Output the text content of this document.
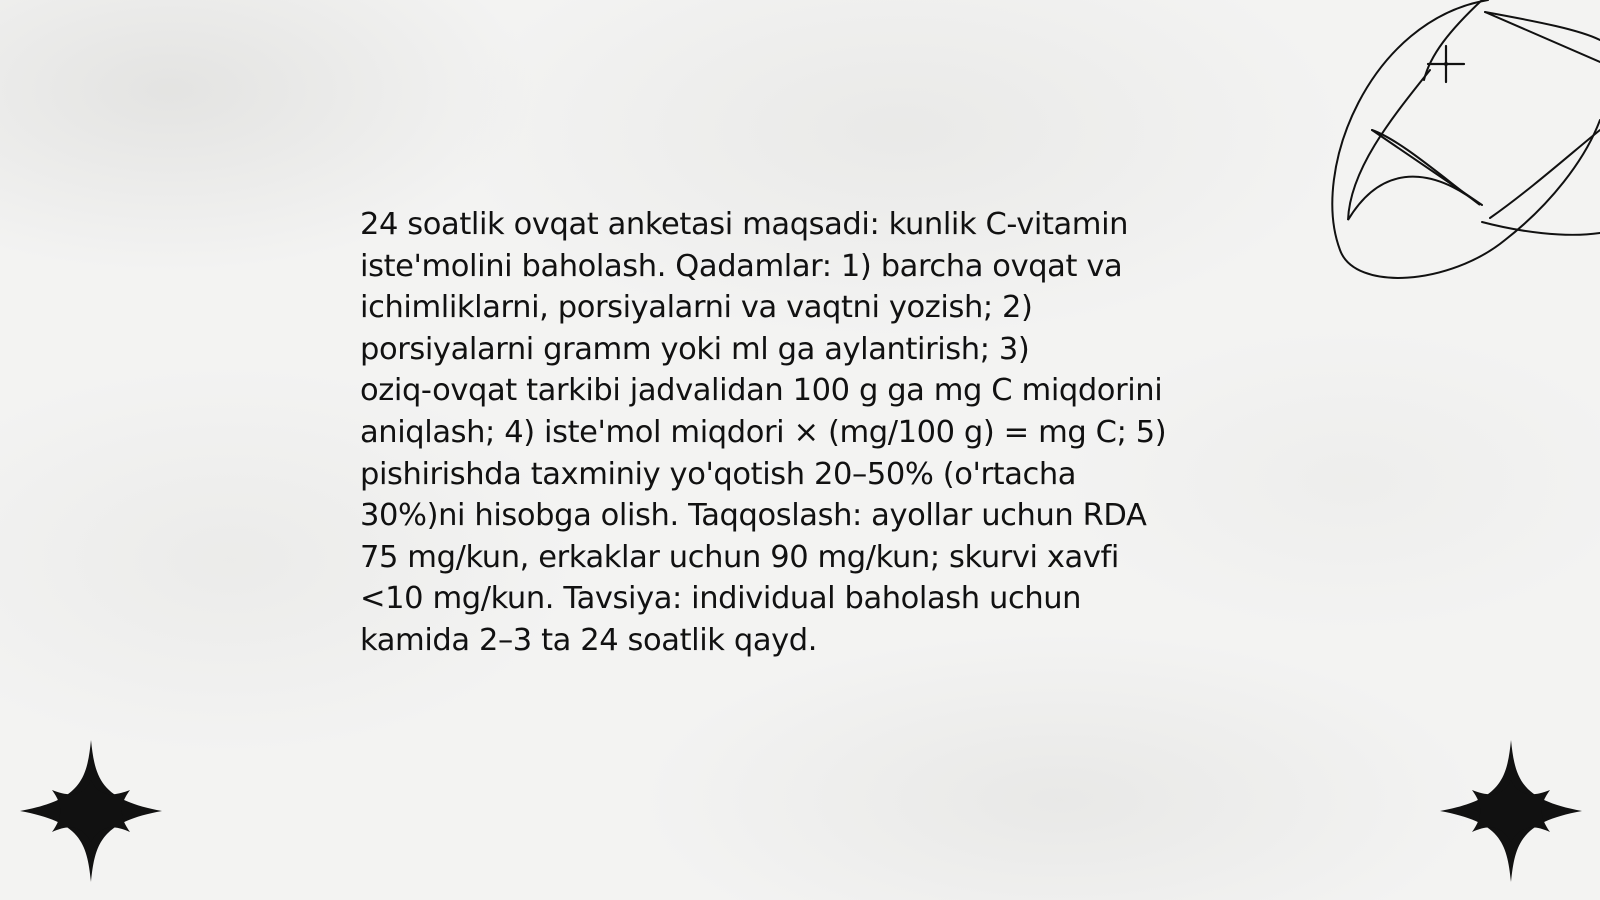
24 soatlik ovqat anketasi maqsadi: kunlik C-vitamin
iste'molini baholash. Qadamlar: 1) barcha ovqat va
ichimliklarni, porsiyalarni va vaqtni yozish; 2)
porsiyalarni gramm yoki ml ga aylantirish; 3)
oziq-ovqat tarkibi jadvalidan 100 g ga mg C miqdorini
aniqlash; 4) iste'mol miqdori × (mg/100 g) = mg C; 5)
pishirishda taxminiy yo'qotish 20–50% (o'rtacha
30%)ni hisobga olish. Taqqoslash: ayollar uchun RDA
75 mg/kun, erkaklar uchun 90 mg/kun; skurvi xavfi
<10 mg/kun. Tavsiya: individual baholash uchun
kamida 2–3 ta 24 soatlik qayd.
